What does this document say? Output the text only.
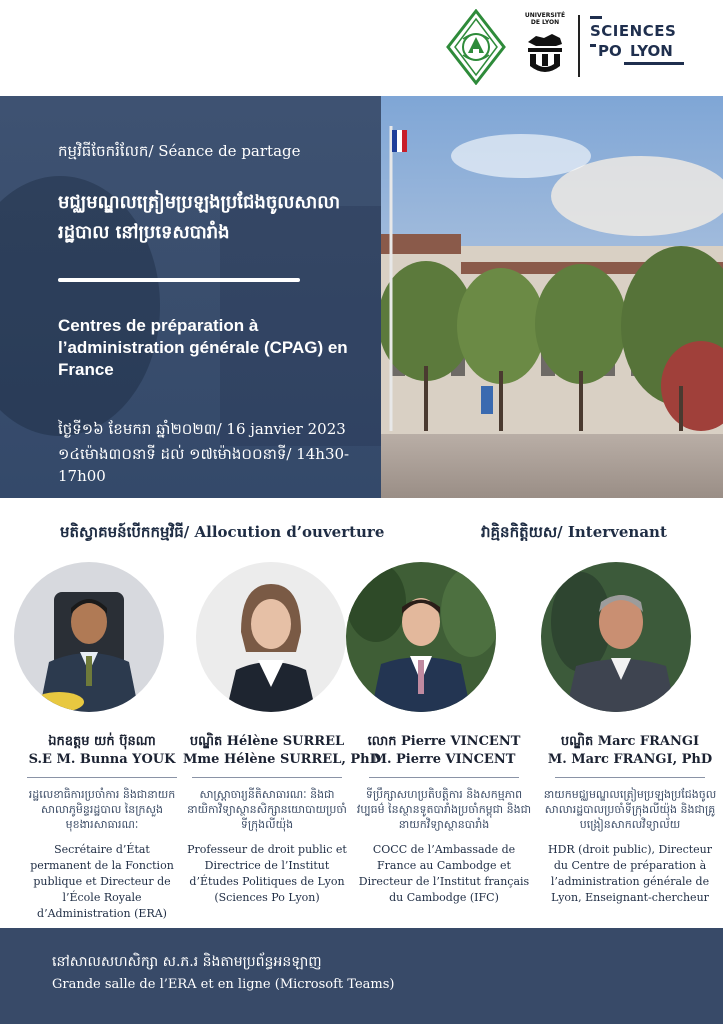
UNIVERSITÉ DE LYON	SCIENCES
PO LYON
កម្មវិធីចែករំលែក/ Séance de partage
មជ្ឈមណ្ឌលត្រៀមប្រឡងប្រជែងចូលសាលារដ្ឋបាល នៅប្រទេសបារាំង
Centres de préparation à l’administration générale (CPAG) en France
ថ្ងៃទី១៦ ខែមករា ឆ្នាំ២០២៣/ 16 janvier 2023
១៤ម៉ោង៣០នាទី ដល់ ១៧ម៉ោង០០នាទី/ 14h30-17h00
មតិស្វាគមន៍បើកកម្មវិធី/ Allocution d’ouverture	វាគ្មិនកិត្តិយស/ Intervenant
ឯកឧត្ដម យក់ ប៊ុនណា
S.E M. Bunna YOUK
រដ្ឋលេខាធិការប្រចាំការ និងជានាយកសាលាភូមិន្ទរដ្ឋបាល នៃក្រសួងមុខងារសាធារណៈ
Secrétaire d’État permanent de la Fonction publique et Directeur de l’École Royale d’Administration (ERA)
បណ្ឌិត Hélène SURREL
Mme Hélène SURREL, PhD
សាស្ត្រាចារ្យនីតិសាធារណៈ និងជានាយិកាវិទ្យាស្ថានសិក្សានយោបាយប្រចាំទីក្រុងលីយ៉ុង
Professeur de droit public et Directrice de l’Institut d’Études Politiques de Lyon (Sciences Po Lyon)
លោក Pierre VINCENT
M. Pierre VINCENT
ទីប្រឹក្សាសហប្រតិបត្តិការ និងសកម្មភាពវប្បធម៌ នៃស្ថានទូតបារាំងប្រចាំកម្ពុជា និងជានាយកវិទ្យាស្ថានបារាំង
COCC de l’Ambassade de France au Cambodge et Directeur de l’Institut français du Cambodge (IFC)
បណ្ឌិត Marc FRANGI
M. Marc FRANGI, PhD
នាយកមជ្ឈមណ្ឌលត្រៀមប្រឡងប្រជែងចូលសាលារដ្ឋបាលប្រចាំទីក្រុងលីយ៉ុង និងជាគ្រូបង្រៀនសាកលវិទ្យាល័យ
HDR (droit public), Directeur du Centre de préparation à l’administration générale de Lyon, Enseignant-chercheur
នៅសាលសហសិក្សា ស.ភ.រ និងតាមប្រព័ន្ធអនឡាញ
Grande salle de l’ERA et en ligne (Microsoft Teams)
